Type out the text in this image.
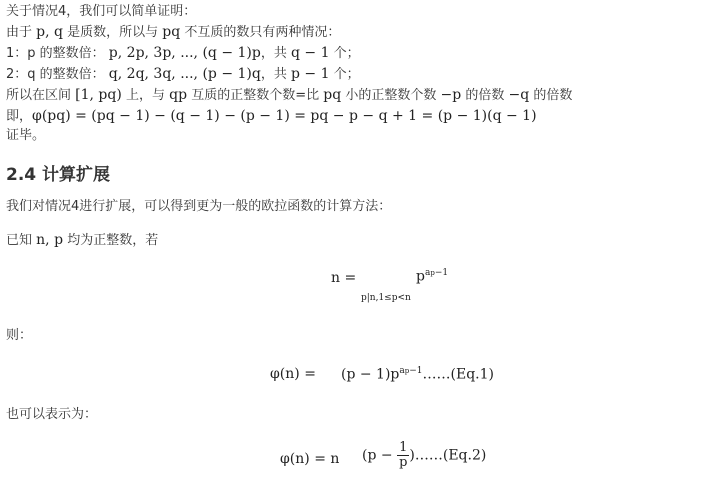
关于情况4，我们可以简单证明：
由于 p, q 是质数，所以与 pq 不互质的数只有两种情况：
1：p 的整数倍： p, 2p, 3p, ..., (q − 1)p，共 q − 1 个；
2：q 的整数倍： q, 2q, 3q, ..., (p − 1)q，共 p − 1 个；
所以在区间 [1, pq) 上，与 qp 互质的正整数个数=比 pq 小的正整数个数 −p 的倍数 −q 的倍数
即，φ(pq) = (pq − 1) − (q − 1) − (p − 1) = pq − p − q + 1 = (p − 1)(q − 1)
证毕。
2.4 计算扩展
我们对情况4进行扩展，可以得到更为一般的欧拉函数的计算方法：
已知 n, p 均为正整数，若
n =	$p^{ap-1}$
p|n,1≤p<n
则：
$\varphi(n) = (p - 1)p^{ap-1}\dots\dots(Eq.1)$
也可以表示为：
φ(n) = n ($p - \frac{1}{p}$ )……(Eq.2)
